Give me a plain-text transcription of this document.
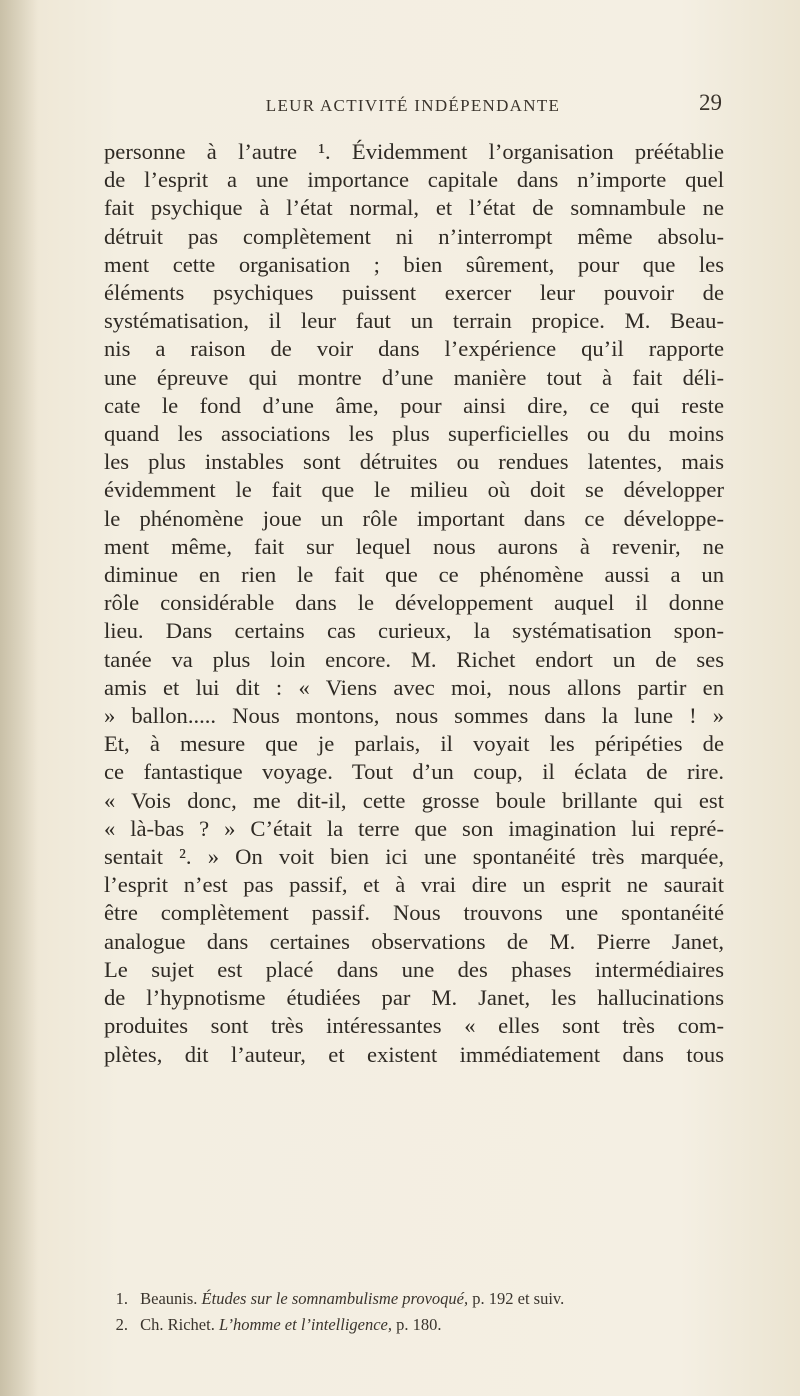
LEUR ACTIVITÉ INDÉPENDANTE	29
personne à l’autre ¹. Évidemment l’organisation préétablie
de l’esprit a une importance capitale dans n’importe quel
fait psychique à l’état normal, et l’état de somnambule ne
détruit pas complètement ni n’interrompt même absolu-
ment cette organisation ; bien sûrement, pour que les
éléments psychiques puissent exercer leur pouvoir de
systématisation, il leur faut un terrain propice. M. Beau-
nis a raison de voir dans l’expérience qu’il rapporte
une épreuve qui montre d’une manière tout à fait déli-
cate le fond d’une âme, pour ainsi dire, ce qui reste
quand les associations les plus superficielles ou du moins
les plus instables sont détruites ou rendues latentes, mais
évidemment le fait que le milieu où doit se développer
le phénomène joue un rôle important dans ce développe-
ment même, fait sur lequel nous aurons à revenir, ne
diminue en rien le fait que ce phénomène aussi a un
rôle considérable dans le développement auquel il donne
lieu. Dans certains cas curieux, la systématisation spon-
tanée va plus loin encore. M. Richet endort un de ses
amis et lui dit : « Viens avec moi, nous allons partir en
» ballon..... Nous montons, nous sommes dans la lune ! »
Et, à mesure que je parlais, il voyait les péripéties de
ce fantastique voyage. Tout d’un coup, il éclata de rire.
« Vois donc, me dit-il, cette grosse boule brillante qui est
« là-bas ? » C’était la terre que son imagination lui repré-
sentait ². » On voit bien ici une spontanéité très marquée,
l’esprit n’est pas passif, et à vrai dire un esprit ne saurait
être complètement passif. Nous trouvons une spontanéité
analogue dans certaines observations de M. Pierre Janet,
Le sujet est placé dans une des phases intermédiaires
de l’hypnotisme étudiées par M. Janet, les hallucinations
produites sont très intéressantes « elles sont très com-
plètes, dit l’auteur, et existent immédiatement dans tous
1. Beaunis. Études sur le somnambulisme provoqué, p. 192 et suiv.
2. Ch. Richet. L’homme et l’intelligence, p. 180.
